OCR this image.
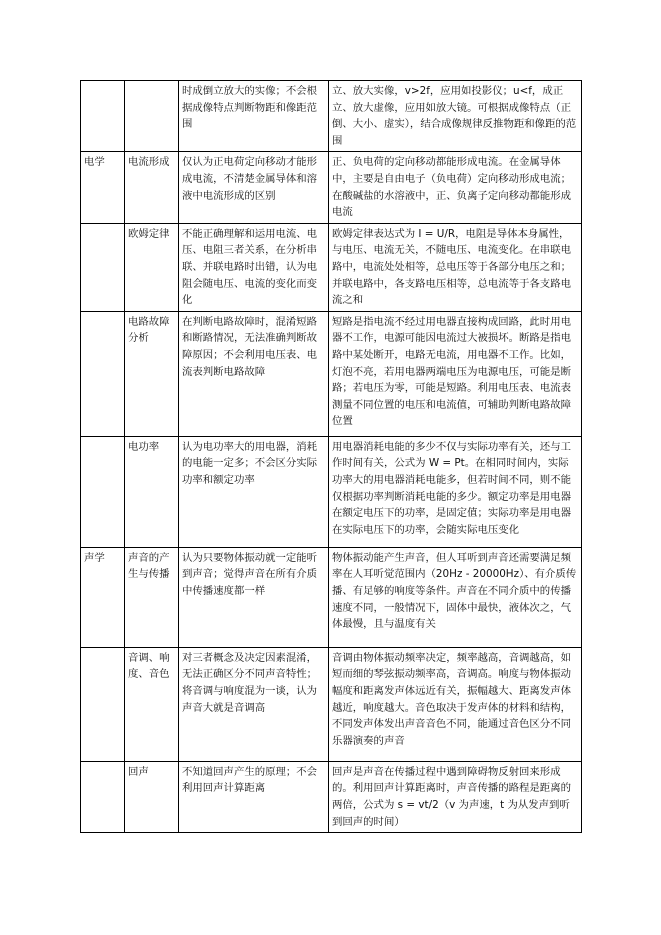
		时成倒立放大的实像；不会根据成像特点判断物距和像距范围	立、放大实像，v>2f，应用如投影仪；u<f，成正立、放大虚像，应用如放大镜。可根据成像特点（正倒、大小、虚实），结合成像规律反推物距和像距的范围
电学	电流形成	仅认为正电荷定向移动才能形成电流，不清楚金属导体和溶液中电流形成的区别	正、负电荷的定向移动都能形成电流。在金属导体中，主要是自由电子（负电荷）定向移动形成电流；在酸碱盐的水溶液中，正、负离子定向移动都能形成电流
	欧姆定律	不能正确理解和运用电流、电压、电阻三者关系，在分析串联、并联电路时出错，认为电阻会随电压、电流的变化而变化	欧姆定律表达式为 I = U/R，电阻是导体本身属性，与电压、电流无关，不随电压、电流变化。在串联电路中，电流处处相等，总电压等于各部分电压之和；并联电路中，各支路电压相等，总电流等于各支路电流之和
	电路故障分析	在判断电路故障时，混淆短路和断路情况，无法准确判断故障原因；不会利用电压表、电流表判断电路故障	短路是指电流不经过用电器直接构成回路，此时用电器不工作，电源可能因电流过大被损坏。断路是指电路中某处断开，电路无电流，用电器不工作。比如，灯泡不亮，若用电器两端电压为电源电压，可能是断路；若电压为零，可能是短路。利用电压表、电流表测量不同位置的电压和电流值，可辅助判断电路故障位置
	电功率	认为电功率大的用电器，消耗的电能一定多；不会区分实际功率和额定功率	用电器消耗电能的多少不仅与实际功率有关，还与工作时间有关，公式为 W = Pt。在相同时间内，实际功率大的用电器消耗电能多，但若时间不同，则不能仅根据功率判断消耗电能的多少。额定功率是用电器在额定电压下的功率，是固定值；实际功率是用电器在实际电压下的功率，会随实际电压变化
声学	声音的产生与传播	认为只要物体振动就一定能听到声音；觉得声音在所有介质中传播速度都一样	物体振动能产生声音，但人耳听到声音还需要满足频率在人耳听觉范围内（20Hz - 20000Hz）、有介质传播、有足够的响度等条件。声音在不同介质中的传播速度不同，一般情况下，固体中最快，液体次之，气体最慢，且与温度有关
	音调、响度、音色	对三者概念及决定因素混淆，无法正确区分不同声音特性；将音调与响度混为一谈，认为声音大就是音调高	音调由物体振动频率决定，频率越高，音调越高，如短而细的琴弦振动频率高，音调高。响度与物体振动幅度和距离发声体远近有关，振幅越大、距离发声体越近，响度越大。音色取决于发声体的材料和结构，不同发声体发出声音音色不同，能通过音色区分不同乐器演奏的声音
	回声	不知道回声产生的原理；不会利用回声计算距离	回声是声音在传播过程中遇到障碍物反射回来形成的。利用回声计算距离时，声音传播的路程是距离的两倍，公式为 s = vt/2（v 为声速，t 为从发声到听到回声的时间）
